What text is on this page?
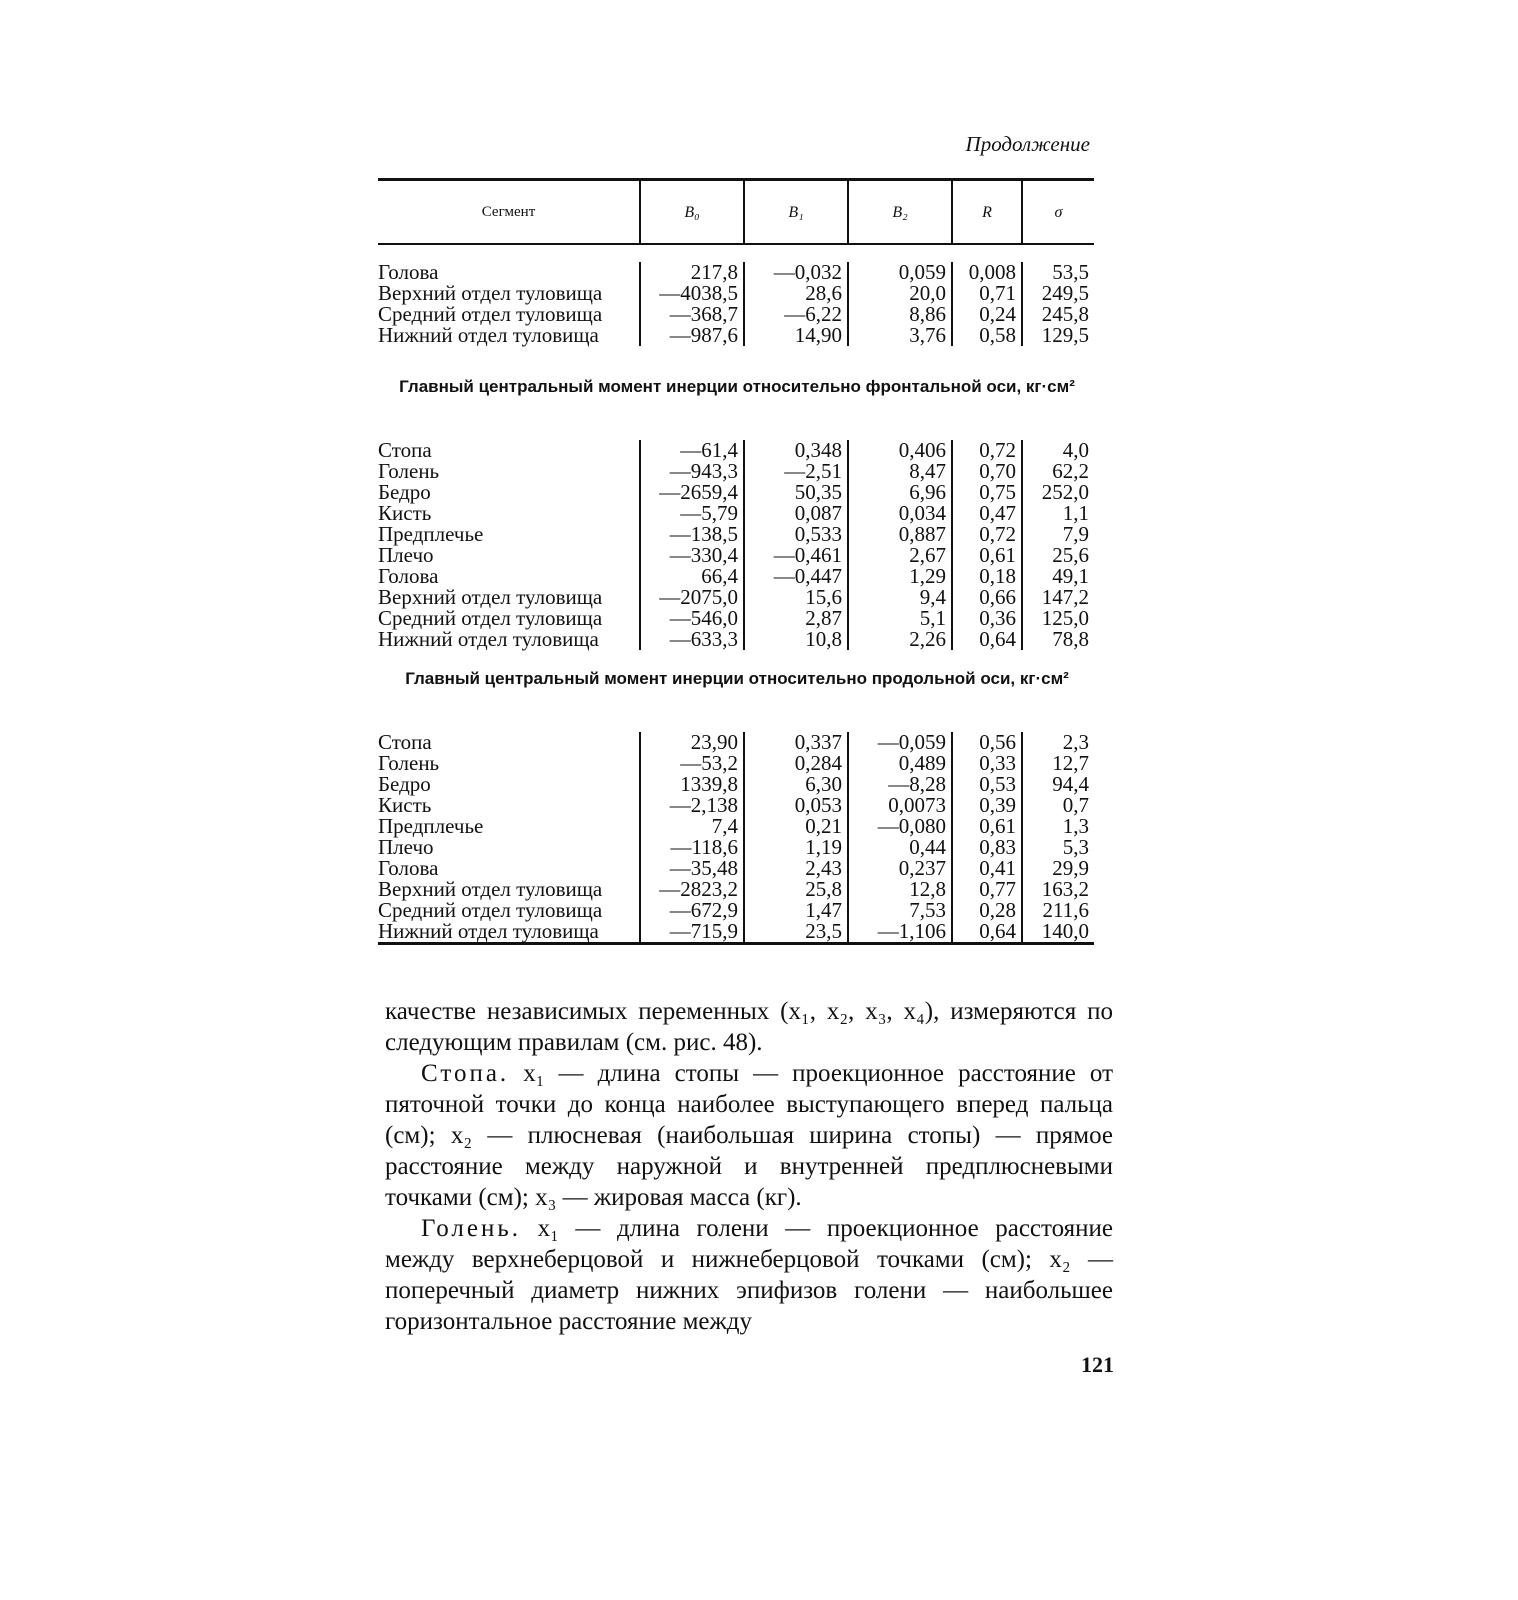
Продолжение
Сегмент	B₀	B₁	B₂	R	σ
Голова	217,8	—0,032	0,059	0,008	53,5
Верхний отдел туловища	—4038,5	28,6	20,0	0,71	249,5
Средний отдел туловища	—368,7	—6,22	8,86	0,24	245,8
Нижний отдел туловища	—987,6	14,90	3,76	0,58	129,5
Главный центральный момент инерции относительно фронтальной оси, кг·см²
Стопа	—61,4	0,348	0,406	0,72	4,0
Голень	—943,3	—2,51	8,47	0,70	62,2
Бедро	—2659,4	50,35	6,96	0,75	252,0
Кисть	—5,79	0,087	0,034	0,47	1,1
Предплечье	—138,5	0,533	0,887	0,72	7,9
Плечо	—330,4	—0,461	2,67	0,61	25,6
Голова	66,4	—0,447	1,29	0,18	49,1
Верхний отдел туловища	—2075,0	15,6	9,4	0,66	147,2
Средний отдел туловища	—546,0	2,87	5,1	0,36	125,0
Нижний отдел туловища	—633,3	10,8	2,26	0,64	78,8
Главный центральный момент инерции относительно продольной оси, кг·см²
Стопа	23,90	0,337	—0,059	0,56	2,3
Голень	—53,2	0,284	0,489	0,33	12,7
Бедро	1339,8	6,30	—8,28	0,53	94,4
Кисть	—2,138	0,053	0,0073	0,39	0,7
Предплечье	7,4	0,21	—0,080	0,61	1,3
Плечо	—118,6	1,19	0,44	0,83	5,3
Голова	—35,48	2,43	0,237	0,41	29,9
Верхний отдел туловища	—2823,2	25,8	12,8	0,77	163,2
Средний отдел туловища	—672,9	1,47	7,53	0,28	211,6
Нижний отдел туловища	—715,9	23,5	—1,106	0,64	140,0

качестве независимых переменных (x₁, x₂, x₃, x₄), измеряются по следующим правилам (см. рис. 48).

Стопа. x₁ — длина стопы — проекционное расстояние от пяточной точки до конца наиболее выступающего вперед пальца (см); x₂ — плюсневая (наибольшая ширина стопы) — прямое расстояние между наружной и внутренней предплюсневыми точками (см); x₃ — жировая масса (кг).

Голень. x₁ — длина голени — проекционное расстояние между верхнеберцовой и нижнеберцовой точками (см); x₂ — поперечный диаметр нижних эпифизов голени — наибольшее горизонтальное расстояние между

121
